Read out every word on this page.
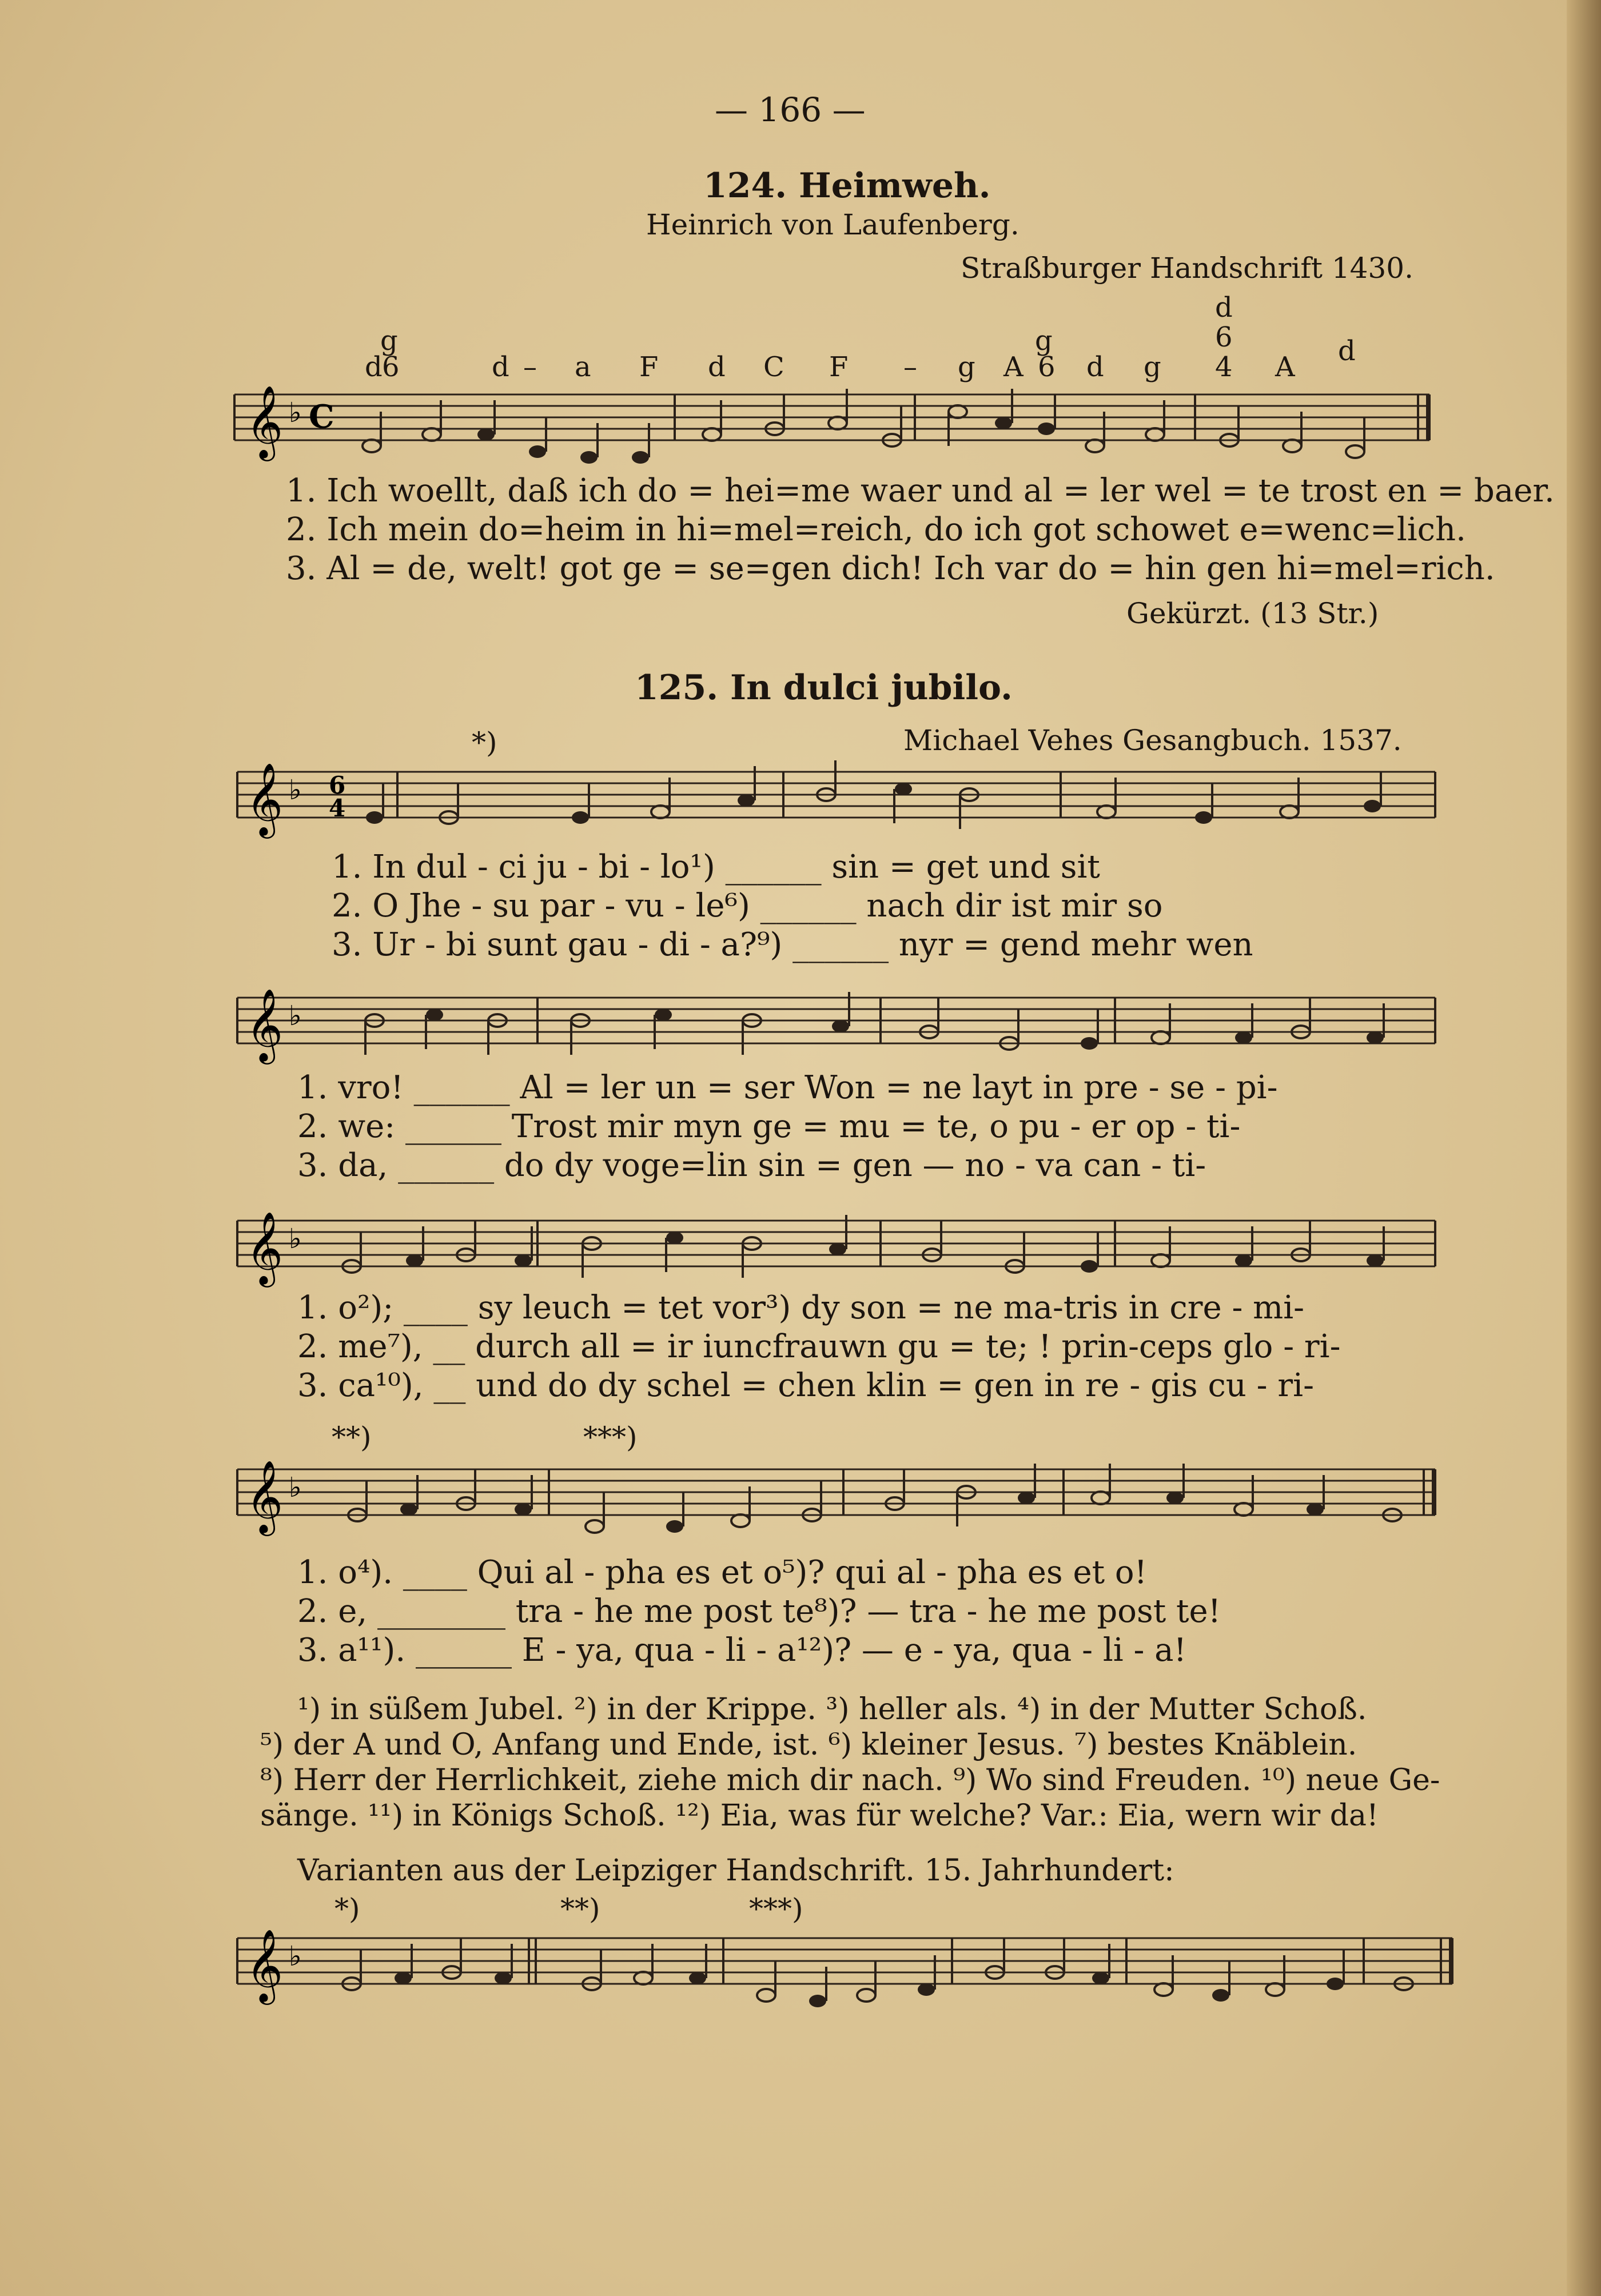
— 166 —
124. Heimweh.
Heinrich von Laufenberg.
Straßburger Handschrift 1430.
g	g
d
d 6	d – a F d C F – g A 6 d g
6
4 A d
𝄞 ♭ C
1. Ich woellt, daß ich do = hei=me waer und al = ler wel = te trost en = baer.
2. Ich mein do=heim in hi=mel=reich, do ich got schowet e=wenc=lich.
3. Al = de, welt! got ge = se=gen dich! Ich var do = hin gen hi=mel=rich.
Gekürzt. (13 Str.)
125. In dulci jubilo.
*)	Michael Vehes Gesangbuch. 1537.
𝄞 ♭ 6
4
1. In dul - ci ju - bi - lo¹) ______ sin = get und sit
2. O Jhe - su par - vu - le⁶) ______ nach dir ist mir so
3. Ur - bi sunt gau - di - a?⁹) ______ nyr = gend mehr wen
𝄞 ♭
1. vro! ______ Al = ler un = ser Won = ne layt in pre - se - pi-
2. we: ______ Trost mir myn ge = mu = te, o pu - er op - ti-
3. da, ______ do dy voge=lin sin = gen — no - va can - ti-
𝄞 ♭
1. o²); ____ sy leuch = tet vor³) dy son = ne ma-tris in cre - mi-
2. me⁷), __ durch all = ir iuncfrauwn gu = te; ! prin-ceps glo - ri-
3. ca¹⁰), __ und do dy schel = chen klin = gen in re - gis cu - ri-
**)	***)
𝄞 ♭
1. o⁴). ____ Qui al - pha es et o⁵)? qui al - pha es et o!
2. e, ________ tra - he me post te⁸)? — tra - he me post te!
3. a¹¹). ______ E - ya, qua - li - a¹²)? — e - ya, qua - li - a!
¹) in süßem Jubel. ²) in der Krippe. ³) heller als. ⁴) in der Mutter Schoß.
⁵) der A und O, Anfang und Ende, ist. ⁶) kleiner Jesus. ⁷) bestes Knäblein.
⁸) Herr der Herrlichkeit, ziehe mich dir nach. ⁹) Wo sind Freuden. ¹⁰) neue Ge-
sänge. ¹¹) in Königs Schoß. ¹²) Eia, was für welche? Var.: Eia, wern wir da!
Varianten aus der Leipziger Handschrift. 15. Jahrhundert:
*)	**)	***)
𝄞 ♭
